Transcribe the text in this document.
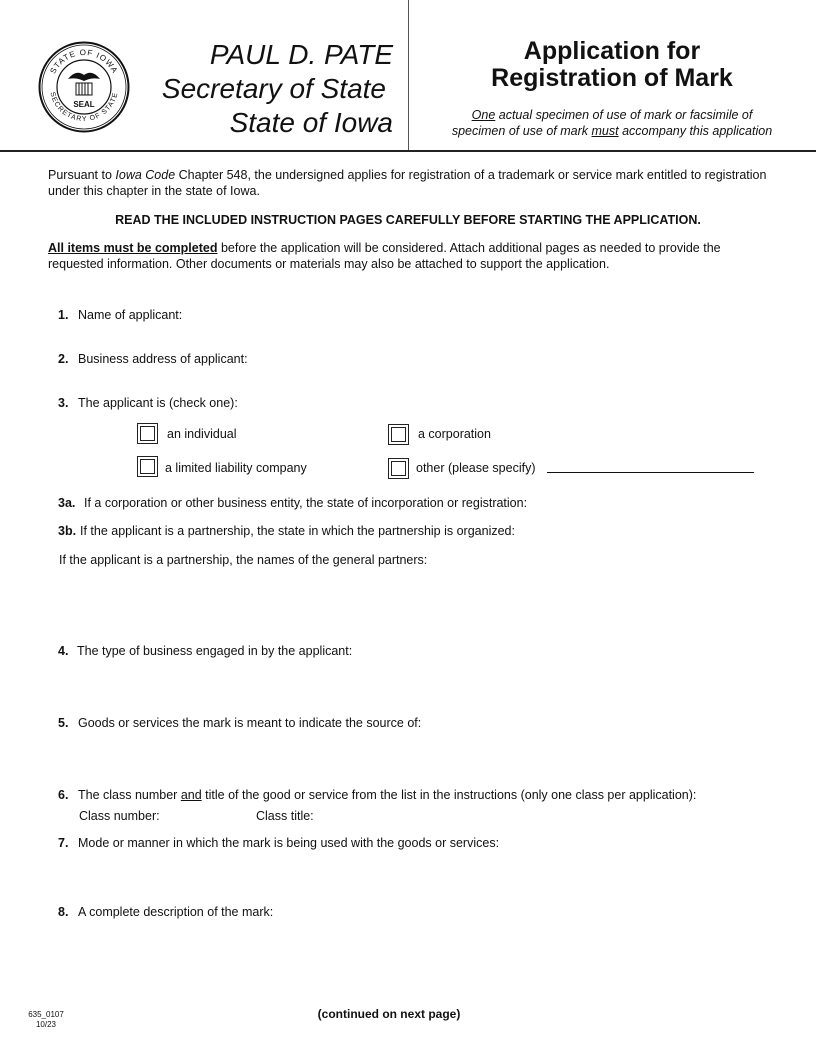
STATE OF IOWA
SECRETARY OF STATE
SEAL
PAUL D. PATE
Secretary of State
State of Iowa
Application for
Registration of Mark
One actual specimen of use of mark or facsimile of
specimen of use of mark must accompany this application
Pursuant to Iowa Code Chapter 548, the undersigned applies for registration of a trademark or service mark entitled to registration under this chapter in the state of Iowa.
READ THE INCLUDED INSTRUCTION PAGES CAREFULLY BEFORE STARTING THE APPLICATION.
All items must be completed before the application will be considered. Attach additional pages as needed to provide the requested information. Other documents or materials may also be attached to support the application.
1. Name of applicant:
2. Business address of applicant:
3. The applicant is (check one):
an individual	a corporation
a limited liability company	other (please specify)
3a. If a corporation or other business entity, the state of incorporation or registration:
3b. If the applicant is a partnership, the state in which the partnership is organized:
If the applicant is a partnership, the names of the general partners:
4. The type of business engaged in by the applicant:
5. Goods or services the mark is meant to indicate the source of:
6. The class number and title of the good or service from the list in the instructions (only one class per application):
Class number:	Class title:
7. Mode or manner in which the mark is being used with the goods or services:
8. A complete description of the mark:
635_0107
10/23
(continued on next page)
